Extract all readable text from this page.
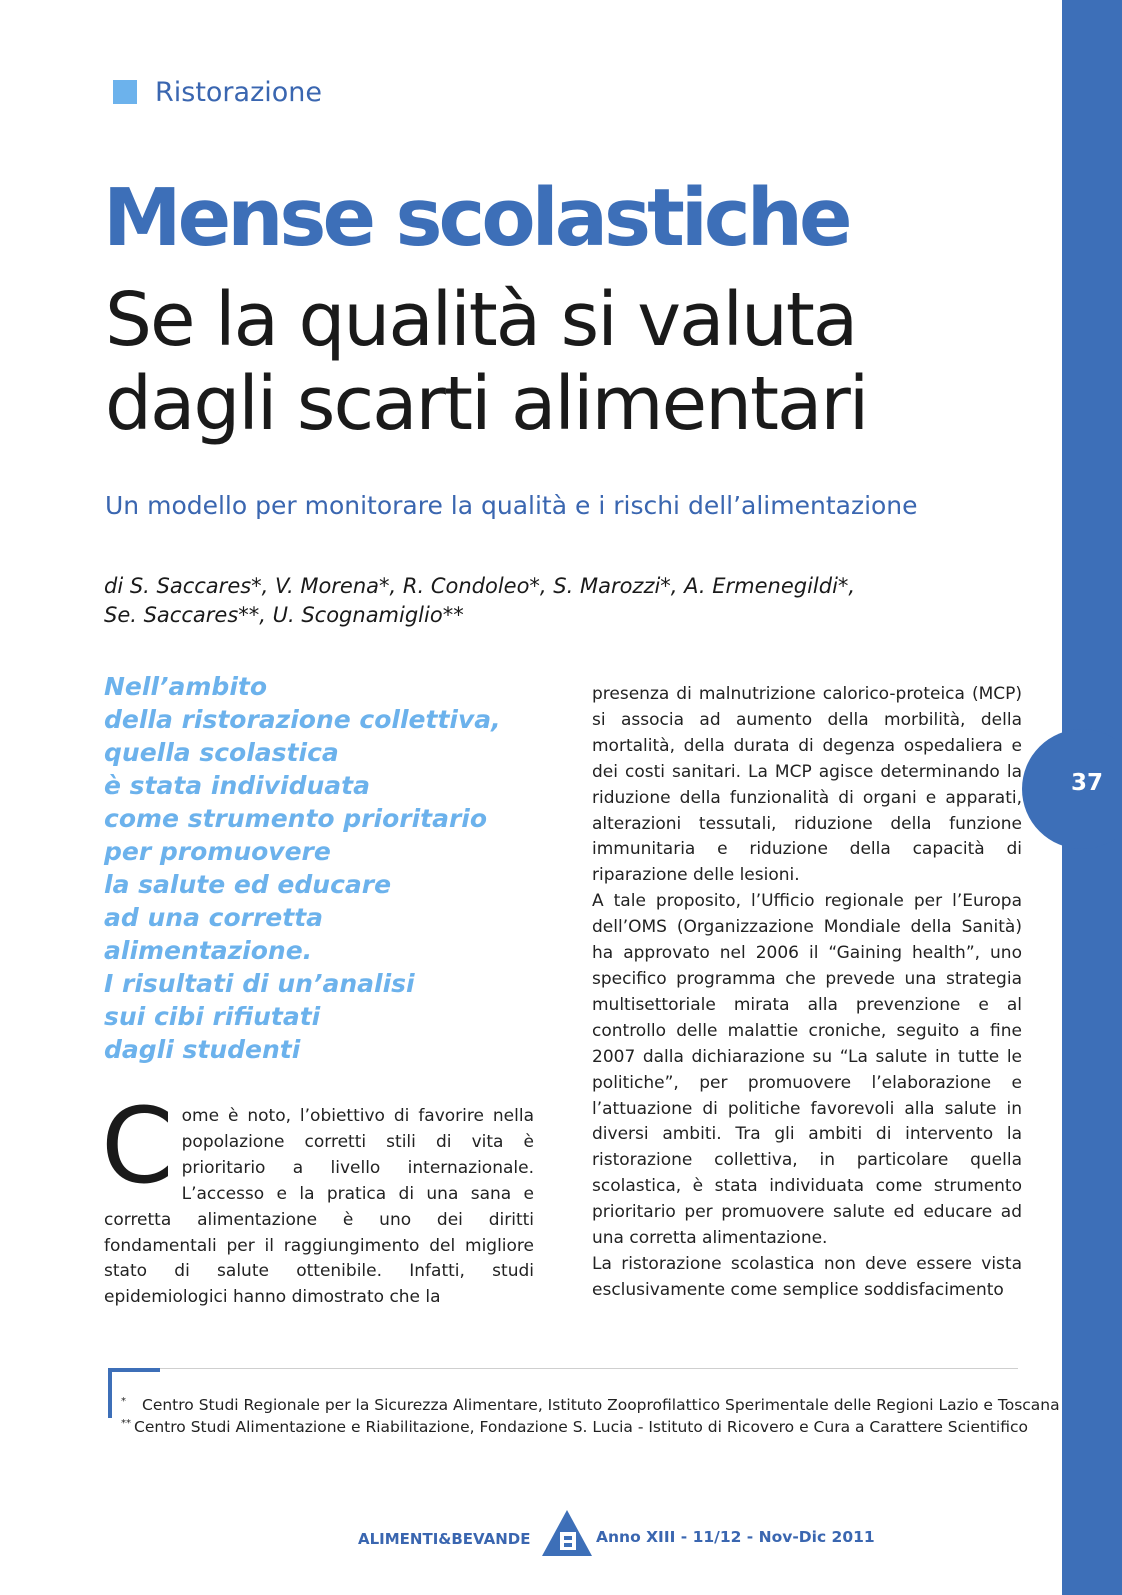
37
Ristorazione
Mense scolastiche
Se la qualità si valuta
dagli scarti alimentari
Un modello per monitorare la qualità e i rischi dell’alimentazione
di S. Saccares*, V. Morena*, R. Condoleo*, S. Marozzi*, A. Ermenegildi*,
Se. Saccares**, U. Scognamiglio**
Nell’ambito
della ristorazione collettiva,
quella scolastica
è stata individuata
come strumento prioritario
per promuovere
la salute ed educare
ad una corretta
alimentazione.
I risultati di un’analisi
sui cibi rifiutati
dagli studenti

Come è noto, l’obiettivo di favorire nella popolazione corretti stili di vita è prioritario a livello internazionale. L’accesso e la pratica di una sana e corretta alimentazione è uno dei diritti fondamentali per il raggiungimento del migliore stato di salute ottenibile. Infatti, studi epidemiologici hanno dimostrato che la

presenza di malnutrizione calorico-proteica (MCP) si associa ad aumento della morbilità, della mortalità, della durata di degenza ospedaliera e dei costi sanitari. La MCP agisce determinando la riduzione della funzionalità di organi e apparati, alterazioni tessutali, riduzione della funzione immunitaria e riduzione della capacità di riparazione delle lesioni.

A tale proposito, l’Ufficio regionale per l’Europa dell’OMS (Organizzazione Mondiale della Sanità) ha approvato nel 2006 il “Gaining health”, uno specifico programma che prevede una strategia multisettoriale mirata alla prevenzione e al controllo delle malattie croniche, seguito a fine 2007 dalla dichiarazione su “La salute in tutte le politiche”, per promuovere l’elaborazione e l’attuazione di politiche favorevoli alla salute in diversi ambiti. Tra gli ambiti di intervento la ristorazione collettiva, in particolare quella scolastica, è stata individuata come strumento prioritario per promuovere salute ed educare ad una corretta alimentazione.

La ristorazione scolastica non deve essere vista esclusivamente come semplice soddisfacimento

* Centro Studi Regionale per la Sicurezza Alimentare, Istituto Zooprofilattico Sperimentale delle Regioni Lazio e Toscana
** Centro Studi Alimentazione e Riabilitazione, Fondazione S. Lucia - Istituto di Ricovero e Cura a Carattere Scientifico
ALIMENTI&BEVANDE	Anno XIII - 11/12 - Nov-Dic 2011
